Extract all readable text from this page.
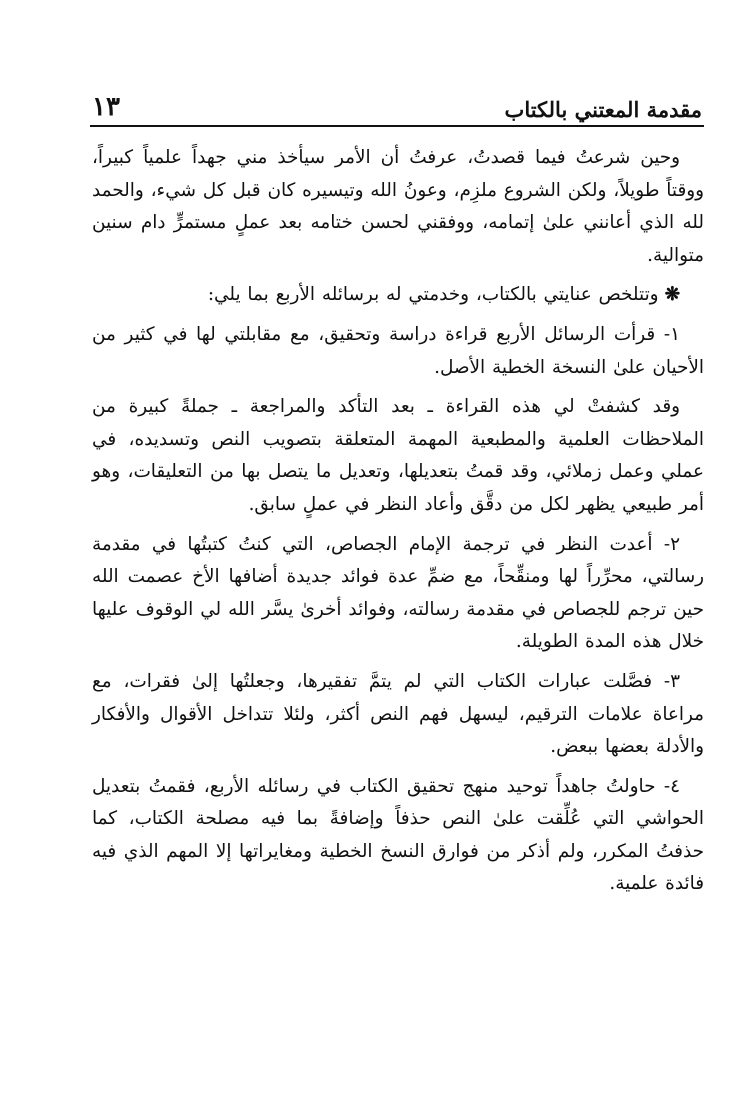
مقدمة المعتني بالكتاب
١٣

وحين شرعتُ فيما قصدتُ، عرفتُ أن الأمر سيأخذ مني جهداً علمياً كبيراً، ووقتاً طويلاً، ولكن الشروع ملزِم، وعونُ الله وتيسيره كان قبل كل شيء، والحمد لله الذي أعانني علىٰ إتمامه، ووفقني لحسن ختامه بعد عملٍ مستمرٍّ دام سنين متوالية.

❋وتتلخص عنايتي بالكتاب، وخدمتي له برسائله الأربع بما يلي:

١- قرأت الرسائل الأربع قراءة دراسة وتحقيق، مع مقابلتي لها في كثير من الأحيان علىٰ النسخة الخطية الأصل.

وقد كشفتْ لي هذه القراءة ـ بعد التأكد والمراجعة ـ جملةً كبيرة من الملاحظات العلمية والمطبعية المهمة المتعلقة بتصويب النص وتسديده، في عملي وعمل زملائي، وقد قمتُ بتعديلها، وتعديل ما يتصل بها من التعليقات، وهو أمر طبيعي يظهر لكل من دقَّق وأعاد النظر في عملٍ سابق.

٢- أعدت النظر في ترجمة الإمام الجصاص، التي كنتُ كتبتُها في مقدمة رسالتي، محرِّراً لها ومنقِّحاً، مع ضمِّ عدة فوائد جديدة أضافها الأخ عصمت الله حين ترجم للجصاص في مقدمة رسالته، وفوائد أخرىٰ يسَّر الله لي الوقوف عليها خلال هذه المدة الطويلة.

٣- فصَّلت عبارات الكتاب التي لم يتمَّ تفقيرها، وجعلتُها إلىٰ فقرات، مع مراعاة علامات الترقيم، ليسهل فهم النص أكثر، ولئلا تتداخل الأقوال والأفكار والأدلة بعضها ببعض.

٤- حاولتُ جاهداً توحيد منهج تحقيق الكتاب في رسائله الأربع، فقمتُ بتعديل الحواشي التي عُلِّقت علىٰ النص حذفاً وإضافةً بما فيه مصلحة الكتاب، كما حذفتُ المكرر، ولم أذكر من فوارق النسخ الخطية ومغايراتها إلا المهم الذي فيه فائدة علمية.
